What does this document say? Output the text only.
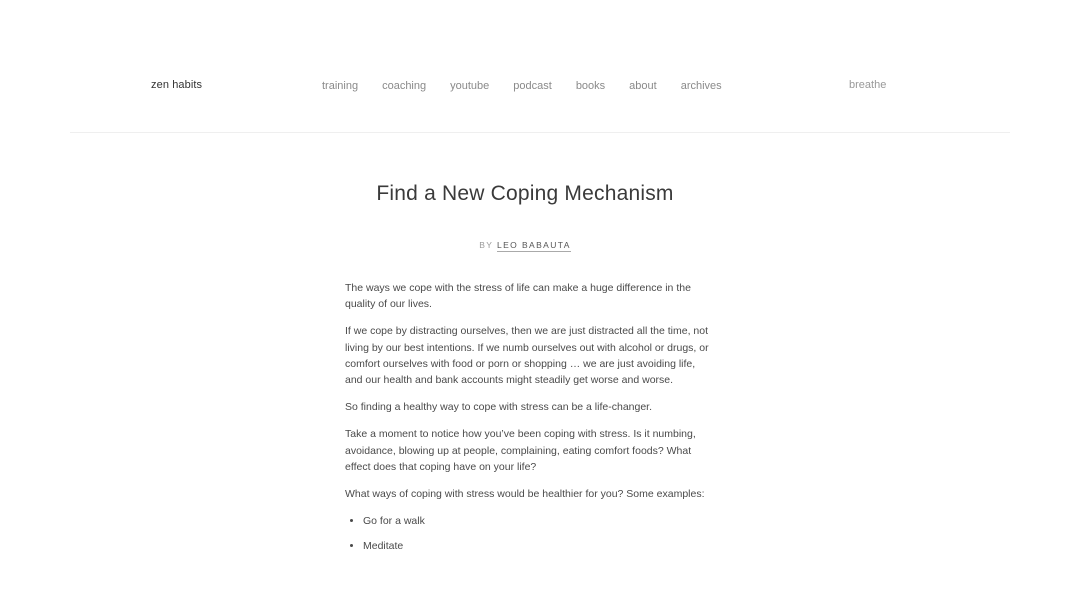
zen habits	training coaching youtube podcast books about archives	breathe
Find a New Coping Mechanism
BY LEO BABAUTA

The ways we cope with the stress of life can make a huge difference in the quality of our lives.

If we cope by distracting ourselves, then we are just distracted all the time, not living by our best intentions. If we numb ourselves out with alcohol or drugs, or comfort ourselves with food or porn or shopping … we are just avoiding life, and our health and bank accounts might steadily get worse and worse.

So finding a healthy way to cope with stress can be a life-changer.

Take a moment to notice how you’ve been coping with stress. Is it numbing, avoidance, blowing up at people, complaining, eating comfort foods? What effect does that coping have on your life?

What ways of coping with stress would be healthier for you? Some examples:

• Go for a walk
• Meditate
